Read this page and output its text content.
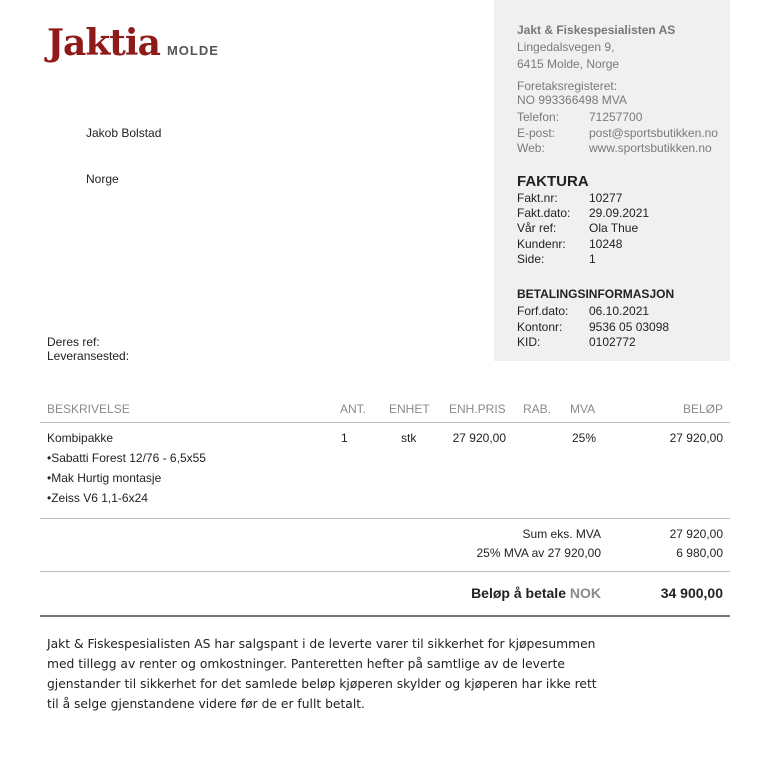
Jaktia MOLDE
Jakt & Fiskespesialisten AS
Lingedalsvegen 9,
6415 Molde, Norge
Foretaksregisteret:
NO 993366498 MVA
Telefon:	71257700
E-post:	post@sportsbutikken.no
Web:	www.sportsbutikken.no
FAKTURA
Fakt.nr:	10277
Fakt.dato:	29.09.2021
Vår ref:	Ola Thue
Kundenr:	10248
Side:	1
BETALINGSINFORMASJON
Forf.dato:	06.10.2021
Kontonr:	9536 05 03098
KID:	0102772
Jakob Bolstad
Norge
Deres ref:
Leveransested:
BESKRIVELSE	ANT. ENHET ENH.PRIS RAB. MVA	BELØP
Kombipakke	1	stk	27 920,00	25%	27 920,00
•Sabatti Forest 12/76 - 6,5x55
•Mak Hurtig montasje
•Zeiss V6 1,1-6x24
Sum eks. MVA	27 920,00
25% MVA av 27 920,00	6 980,00
Beløp å betale NOK	34 900,00
Jakt & Fiskespesialisten AS har salgspant i de leverte varer til sikkerhet for kjøpesummen med tillegg av renter og omkostninger. Panteretten hefter på samtlige av de leverte gjenstander til sikkerhet for det samlede beløp kjøperen skylder og kjøperen har ikke rett til å selge gjenstandene videre før de er fullt betalt.
